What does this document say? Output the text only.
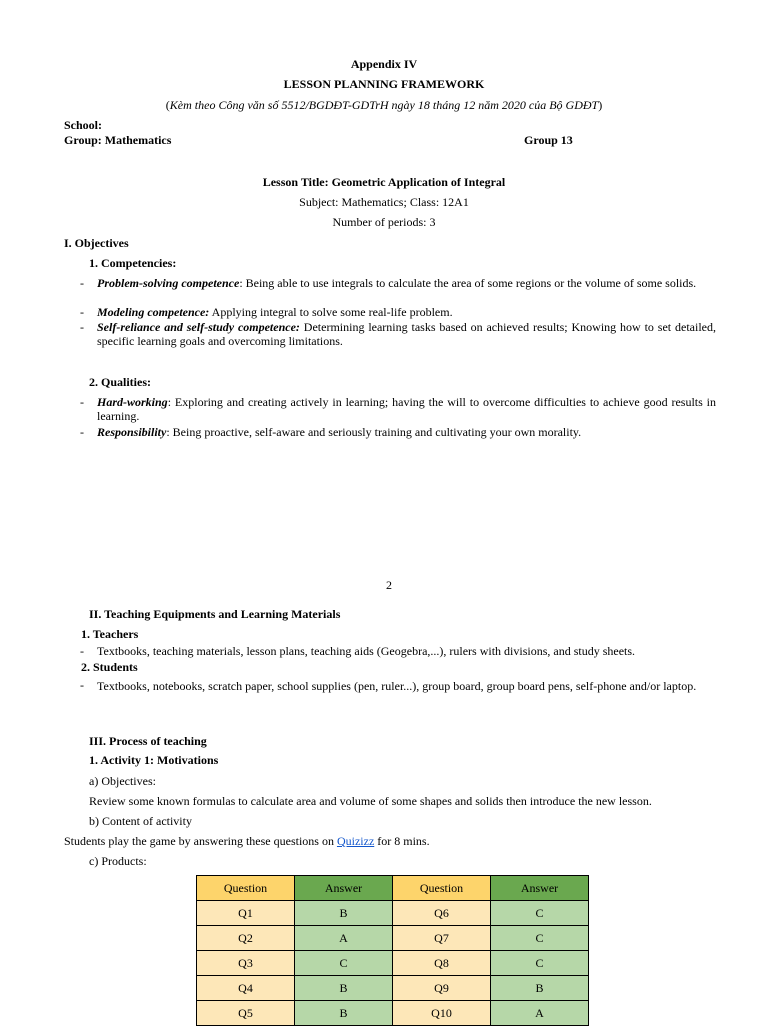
Appendix IV
LESSON PLANNING FRAMEWORK
(Kèm theo Công văn số 5512/BGDĐT-GDTrH ngày 18 tháng 12 năm 2020 của Bộ GDĐT)
School:
Group: Mathematics	Group 13
Lesson Title: Geometric Application of Integral
Subject: Mathematics; Class: 12A1
Number of periods: 3
I. Objectives
1. Competencies:
- Problem-solving competence: Being able to use integrals to calculate the area of some regions or the volume of some solids.
- Modeling competence: Applying integral to solve some real-life problem.
- Self-reliance and self-study competence: Determining learning tasks based on achieved results; Knowing how to set detailed, specific learning goals and overcoming limitations.
2. Qualities:
- Hard-working: Exploring and creating actively in learning; having the will to overcome difficulties to achieve good results in learning.
- Responsibility: Being proactive, self-aware and seriously training and cultivating your own morality.
2
II. Teaching Equipments and Learning Materials
1. Teachers
- Textbooks, teaching materials, lesson plans, teaching aids (Geogebra,...), rulers with divisions, and study sheets.
2. Students
- Textbooks, notebooks, scratch paper, school supplies (pen, ruler...), group board, group board pens, self-phone and/or laptop.
III. Process of teaching
1. Activity 1: Motivations
a) Objectives:
Review some known formulas to calculate area and volume of some shapes and solids then introduce the new lesson.
b) Content of activity
Students play the game by answering these questions on Quizizz for 8 mins.
c) Products:
Question	Answer	Question	Answer
Q1	B	Q6	C
Q2	A	Q7	C
Q3	C	Q8	C
Q4	B	Q9	B
Q5	B	Q10	A
